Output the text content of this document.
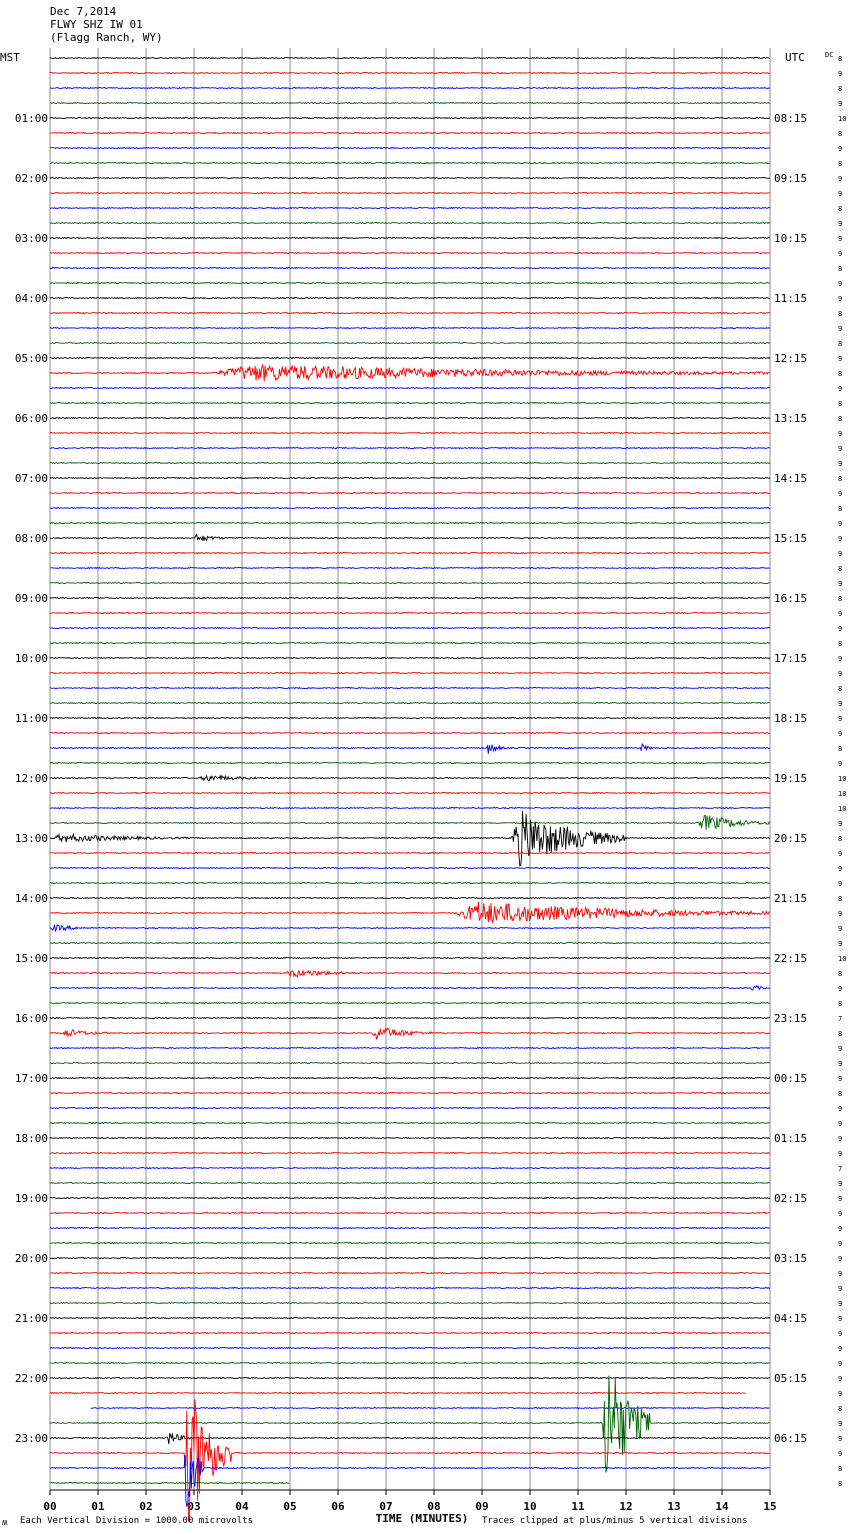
Dec 7,2014
FLWY SHZ IW 01
(Flagg Ranch, WY)
00	01	02	03	04	05	06	07	08	09	10	11	12	13	14	15
TIME (MINUTES)
MST	UTC	DC 8
9
8
9
10
8
9
8
9
9
8
9
9
9
8
9
9
8
9
8
9
8
9
8
8
9
9
9
8
9
8
9
9
9
8
9
8
9
9
8
9
9
8
9
9
9
8
9
10
10
10
9
8
9
9
9
8
9
9
9
10
8
9
8
7
8
9
9
9
8
9
9
9
9
7
9
9
9
9
9
9
9
9
9
9
9
9
9
9
9
8
9
9
9
8
8
01:00	08:15
02:00	09:15
03:00	10:15
04:00	11:15
05:00	12:15
06:00	13:15
07:00	14:15
08:00	15:15
09:00	16:15
10:00	17:15
11:00	18:15
12:00	19:15
13:00	20:15
14:00	21:15
15:00	22:15
16:00	23:15
17:00	00:15
18:00	01:15
19:00	02:15
20:00	03:15
21:00	04:15
22:00	05:15
23:00	06:15
ʍ Each Vertical Division = 1000.00 microvolts	Traces clipped at plus/minus 5 vertical divisions
